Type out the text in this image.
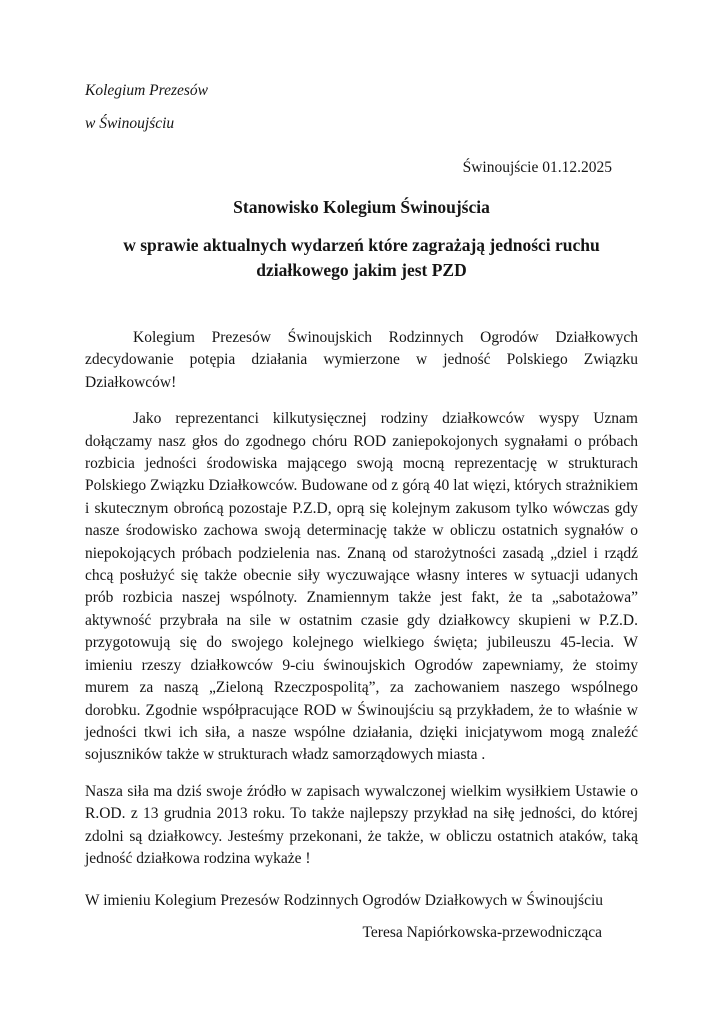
Kolegium Prezesów

w Świnoujściu

Świnoujście 01.12.2025

Stanowisko Kolegium Świnoujścia
w sprawie aktualnych wydarzeń które zagrażają jedności ruchu działkowego jakim jest PZD

Kolegium Prezesów Świnoujskich Rodzinnych Ogrodów Działkowych zdecydowanie potępia działania wymierzone w jedność Polskiego Związku Działkowców!

Jako reprezentanci kilkutysięcznej rodziny działkowców wyspy Uznam dołączamy nasz głos do zgodnego chóru ROD zaniepokojonych sygnałami o próbach rozbicia jedności środowiska mającego swoją mocną reprezentację w strukturach Polskiego Związku Działkowców. Budowane od z górą 40 lat więzi, których strażnikiem i skutecznym obrońcą pozostaje P.Z.D, oprą się kolejnym zakusom tylko wówczas gdy nasze środowisko zachowa swoją determinację także w obliczu ostatnich sygnałów o niepokojących próbach podzielenia nas. Znaną od starożytności zasadą „dziel i rządź chcą posłużyć się także obecnie siły wyczuwające własny interes w sytuacji udanych prób rozbicia naszej wspólnoty. Znamiennym także jest fakt, że ta „sabotażowa” aktywność przybrała na sile w ostatnim czasie gdy działkowcy skupieni w P.Z.D. przygotowują się do swojego kolejnego wielkiego święta; jubileuszu 45-lecia. W imieniu rzeszy działkowców 9-ciu świnoujskich Ogrodów zapewniamy, że stoimy murem za naszą „Zieloną Rzeczpospolitą”, za zachowaniem naszego wspólnego dorobku. Zgodnie współpracujące ROD w Świnoujściu są przykładem, że to właśnie w jedności tkwi ich siła, a nasze wspólne działania, dzięki inicjatywom mogą znaleźć sojuszników także w strukturach władz samorządowych miasta .

Nasza siła ma dziś swoje źródło w zapisach wywalczonej wielkim wysiłkiem Ustawie o R.OD. z 13 grudnia 2013 roku. To także najlepszy przykład na siłę jedności, do której zdolni są działkowcy. Jesteśmy przekonani, że także, w obliczu ostatnich ataków, taką jedność działkowa rodzina wykaże !

W imieniu Kolegium Prezesów Rodzinnych Ogrodów Działkowych w Świnoujściu

Teresa Napiórkowska-przewodnicząca
